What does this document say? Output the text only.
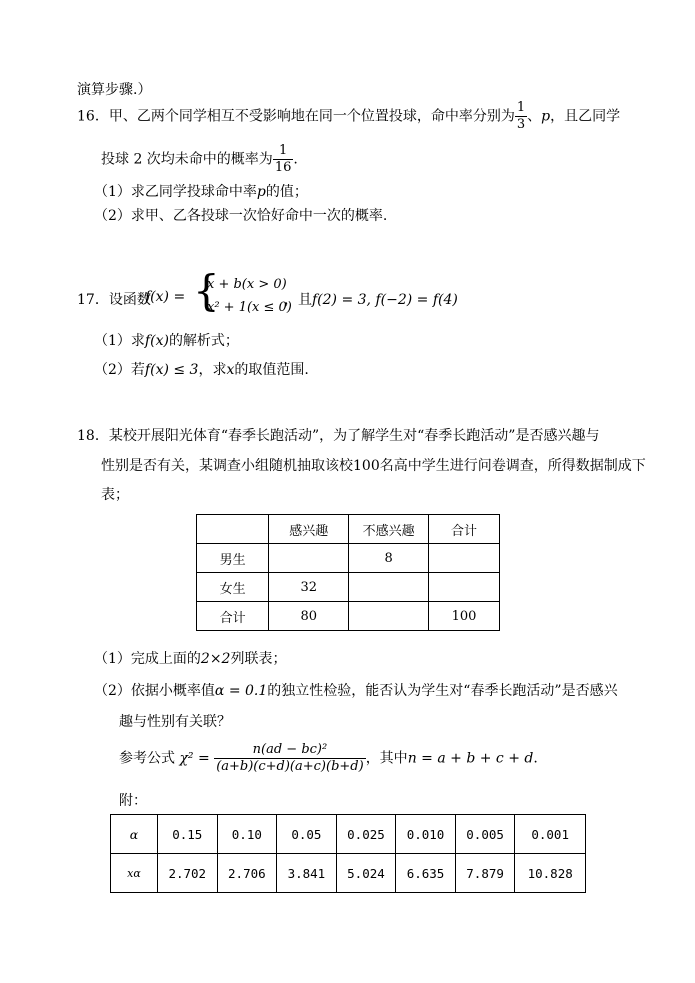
演算步骤.）
16．甲、乙两个同学相互不受影响地在同一个位置投球，命中率分别为 $\frac{1}{3}$ 、p，且乙同学
投球 2 次均未命中的概率为 $\frac{1}{16}$ .
（1）求乙同学投球命中率p的值；
（2）求甲、乙各投球一次恰好命中一次的概率.
17．设函数
f(x) = {
x + b(x > 0)
x² + 1(x ≤ 0)
，且f(2) = 3, f(−2) = f(4)
（1）求f(x)的解析式；
（2）若f(x) ≤ 3，求x的取值范围.
18．某校开展阳光体育“春季长跑活动”，为了解学生对“春季长跑活动”是否感兴趣与
性别是否有关，某调查小组随机抽取该校100名高中学生进行问卷调查，所得数据制成下
表；
	感兴趣	不感兴趣	合计
男生		8	
女生	32		
合计	80		100
（1）完成上面的2×2列联表；
（2）依据小概率值α = 0.1的独立性检验，能否认为学生对“春季长跑活动”是否感兴
趣与性别有关联？
参考公式 $\chi^2 = \frac{\text{n(ad − bc)²}}{(a+b)(c+d)(a+c)(b+d)}$ ，其中n = a + b + c + d.
附：
α	0.15	0.10	0.05	0.025	0.010	0.005	0.001
xα	2.702	2.706	3.841	5.024	6.635	7.879	10.828
